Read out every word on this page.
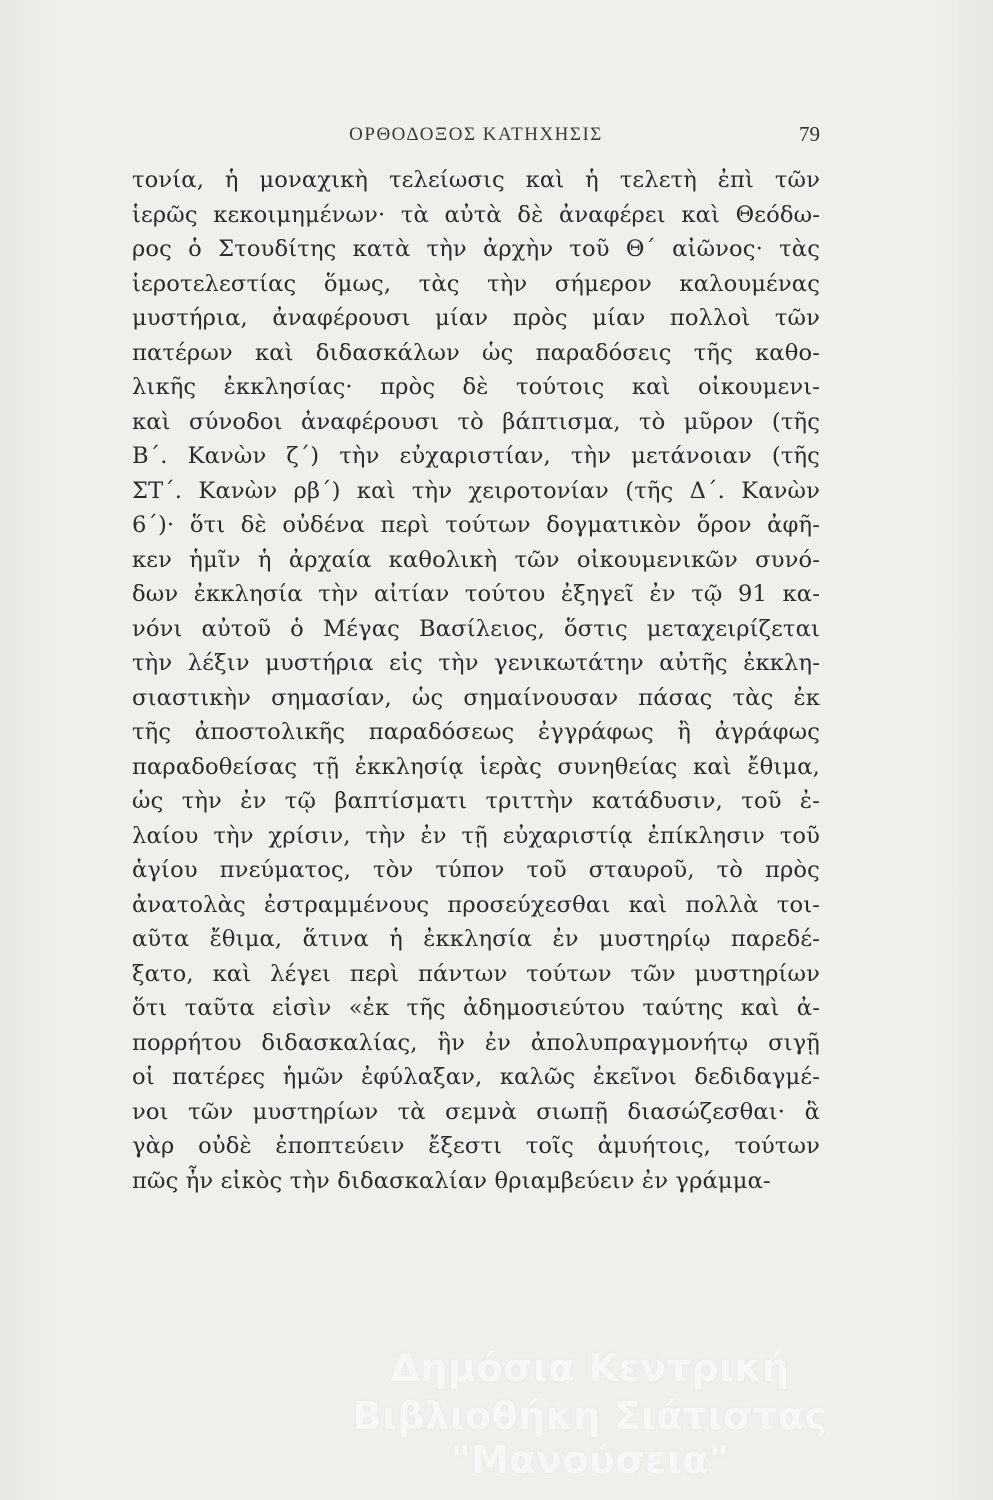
ΟΡΘΟΔΟΞΟΣ ΚΑΤΗΧΗΣΙΣ	79
τονία, ἡ μοναχικὴ τελείωσις καὶ ἡ τελετὴ ἐπὶ τῶν
ἱερῶς κεκοιμημένων· τὰ αὐτὰ δὲ ἀναφέρει καὶ Θεόδω-
ρος ὁ Στουδίτης κατὰ τὴν ἀρχὴν τοῦ Θ΄ αἰῶνος· τὰς
ἱεροτελεστίας ὅμως, τὰς τὴν σήμερον καλουμένας
μυστήρια, ἀναφέρουσι μίαν πρὸς μίαν πολλοὶ τῶν
πατέρων καὶ διδασκάλων ὡς παραδόσεις τῆς καθο-
λικῆς ἐκκλησίας· πρὸς δὲ τούτοις καὶ οἰκουμενι-
καὶ σύνοδοι ἀναφέρουσι τὸ βάπτισμα, τὸ μῦρον (τῆς
Β΄. Κανὼν ζ΄) τὴν εὐχαριστίαν, τὴν μετάνοιαν (τῆς
ΣΤ΄. Κανὼν ρβ΄) καὶ τὴν χειροτονίαν (τῆς Δ΄. Κανὼν
6΄)· ὅτι δὲ οὐδένα περὶ τούτων δογματικὸν ὅρον ἀφῆ-
κεν ἡμῖν ἡ ἀρχαία καθολικὴ τῶν οἰκουμενικῶν συνό-
δων ἐκκλησία τὴν αἰτίαν τούτου ἐξηγεῖ ἐν τῷ 91 κα-
νόνι αὐτοῦ ὁ Μέγας Βασίλειος, ὅστις μεταχειρίζεται
τὴν λέξιν μυστήρια εἰς τὴν γενικωτάτην αὐτῆς ἐκκλη-
σιαστικὴν σημασίαν, ὡς σημαίνουσαν πάσας τὰς ἐκ
τῆς ἀποστολικῆς παραδόσεως ἐγγράφως ἢ ἀγράφως
παραδοθείσας τῇ ἐκκλησίᾳ ἱερὰς συνηθείας καὶ ἔθιμα,
ὡς τὴν ἐν τῷ βαπτίσματι τριττὴν κατάδυσιν, τοῦ ἐ-
λαίου τὴν χρίσιν, τὴν ἐν τῇ εὐχαριστίᾳ ἐπίκλησιν τοῦ
ἁγίου πνεύματος, τὸν τύπον τοῦ σταυροῦ, τὸ πρὸς
ἀνατολὰς ἐστραμμένους προσεύχεσθαι καὶ πολλὰ τοι-
αῦτα ἔθιμα, ἅτινα ἡ ἐκκλησία ἐν μυστηρίῳ παρεδέ-
ξατο, καὶ λέγει περὶ πάντων τούτων τῶν μυστηρίων
ὅτι ταῦτα εἰσὶν «ἐκ τῆς ἀδημοσιεύτου ταύτης καὶ ἀ-
πορρήτου διδασκαλίας, ἣν ἐν ἀπολυπραγμονήτῳ σιγῇ
οἱ πατέρες ἡμῶν ἐφύλαξαν, καλῶς ἐκεῖνοι δεδιδαγμέ-
νοι τῶν μυστηρίων τὰ σεμνὰ σιωπῇ διασώζεσθαι· ἃ
γὰρ οὐδὲ ἐποπτεύειν ἔξεστι τοῖς ἀμυήτοις, τούτων
πῶς ἦν εἰκὸς τὴν διδασκαλίαν θριαμβεύειν ἐν γράμμα-
Δημόσια Κεντρική
Βιβλιοθήκη Σιάτιστας "Μανούσεια"
